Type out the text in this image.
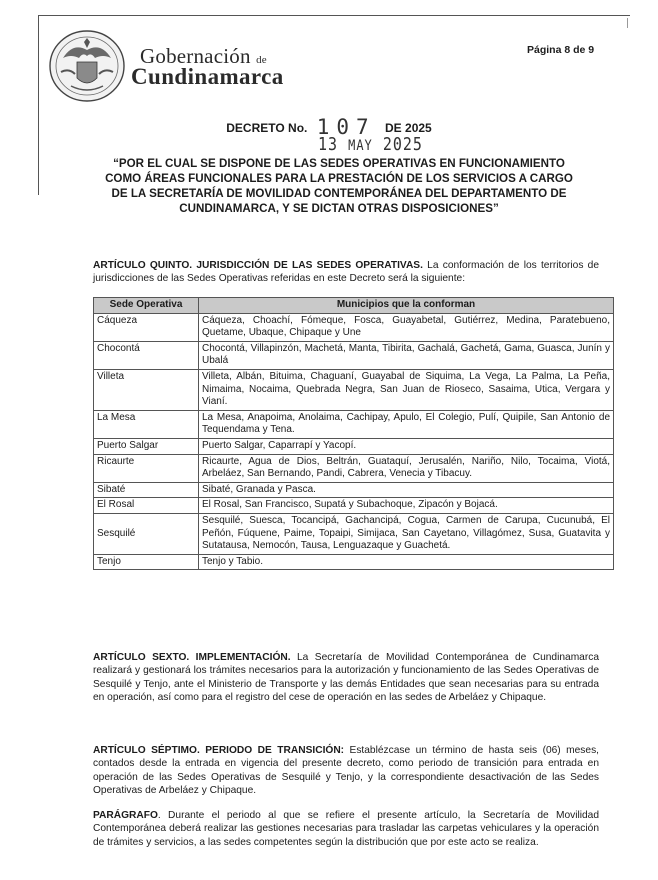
Gobernación de
Cundinamarca
Página 8 de 9
DECRETO No. 107 DE 2025
13 MAY 2025
“POR EL CUAL SE DISPONE DE LAS SEDES OPERATIVAS EN FUNCIONAMIENTO COMO ÁREAS FUNCIONALES PARA LA PRESTACIÓN DE LOS SERVICIOS A CARGO DE LA SECRETARÍA DE MOVILIDAD CONTEMPORÁNEA DEL DEPARTAMENTO DE CUNDINAMARCA, Y SE DICTAN OTRAS DISPOSICIONES”
ARTÍCULO QUINTO. JURISDICCIÓN DE LAS SEDES OPERATIVAS. La conformación de los territorios de jurisdicciones de las Sedes Operativas referidas en este Decreto será la siguiente:
Sede Operativa	Municipios que la conforman
Cáqueza	Cáqueza, Choachí, Fómeque, Fosca, Guayabetal, Gutiérrez, Medina, Paratebueno, Quetame, Ubaque, Chipaque y Une
Chocontá	Chocontá, Villapinzón, Machetá, Manta, Tibirita, Gachalá, Gachetá, Gama, Guasca, Junín y Ubalá
Villeta	Villeta, Albán, Bituima, Chaguaní, Guayabal de Siquima, La Vega, La Palma, La Peña, Nimaima, Nocaima, Quebrada Negra, San Juan de Rioseco, Sasaima, Utica, Vergara y Vianí.
La Mesa	La Mesa, Anapoima, Anolaima, Cachipay, Apulo, El Colegio, Pulí, Quipile, San Antonio de Tequendama y Tena.
Puerto Salgar	Puerto Salgar, Caparrapí y Yacopí.
Ricaurte	Ricaurte, Agua de Dios, Beltrán, Guataquí, Jerusalén, Nariño, Nilo, Tocaima, Viotá, Arbeláez, San Bernando, Pandi, Cabrera, Venecia y Tibacuy.
Sibaté	Sibaté, Granada y Pasca.
El Rosal	El Rosal, San Francisco, Supatá y Subachoque, Zipacón y Bojacá.
Sesquilé	Sesquilé, Suesca, Tocancipá, Gachancipá, Cogua, Carmen de Carupa, Cucunubá, El Peñón, Fúquene, Paime, Topaipi, Simijaca, San Cayetano, Villagómez, Susa, Guatavita y Sutatausa, Nemocón, Tausa, Lenguazaque y Guachetá.
Tenjo	Tenjo y Tabio.
ARTÍCULO SEXTO. IMPLEMENTACIÓN. La Secretaría de Movilidad Contemporánea de Cundinamarca realizará y gestionará los trámites necesarios para la autorización y funcionamiento de las Sedes Operativas de Sesquilé y Tenjo, ante el Ministerio de Transporte y las demás Entidades que sean necesarias para su entrada en operación, así como para el registro del cese de operación en las sedes de Arbeláez y Chipaque.
ARTÍCULO SÉPTIMO. PERIODO DE TRANSICIÓN: Establézcase un término de hasta seis (06) meses, contados desde la entrada en vigencia del presente decreto, como periodo de transición para entrada en operación de las Sedes Operativas de Sesquilé y Tenjo, y la correspondiente desactivación de las Sedes Operativas de Arbeláez y Chipaque.
PARÁGRAFO. Durante el periodo al que se refiere el presente artículo, la Secretaría de Movilidad Contemporánea deberá realizar las gestiones necesarias para trasladar las carpetas vehiculares y la operación de trámites y servicios, a las sedes competentes según la distribución que por este acto se realiza.
